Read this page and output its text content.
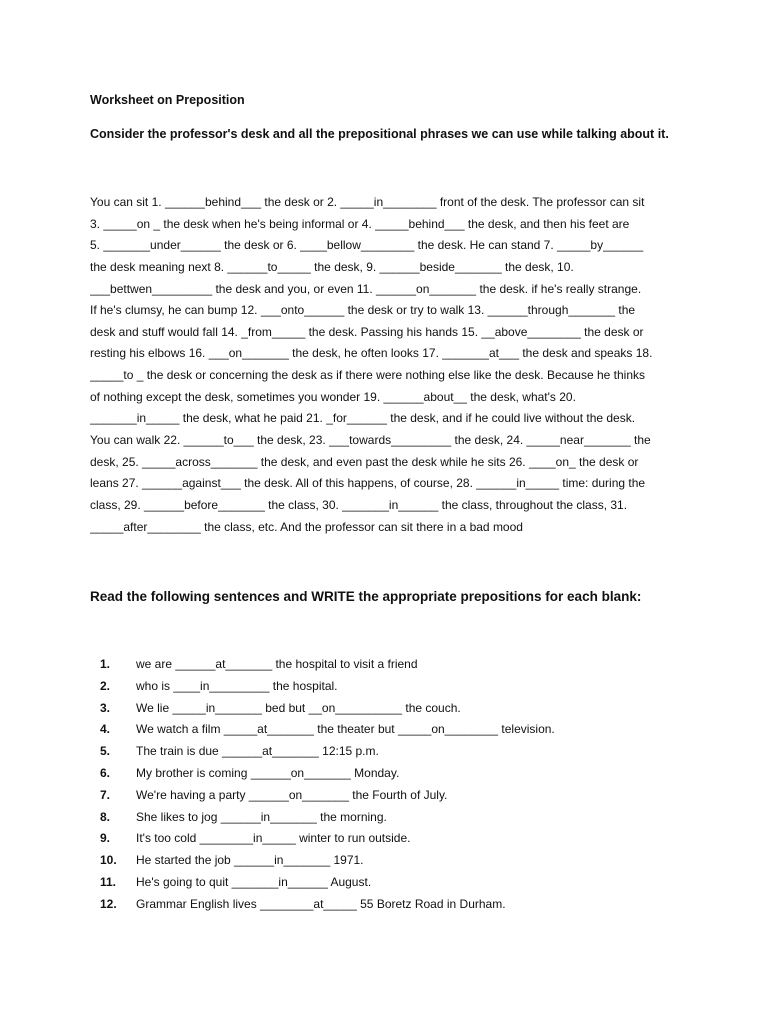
Worksheet on Preposition
Consider the professor's desk and all the prepositional phrases we can use while talking about it.
You can sit 1. ______behind___ the desk or 2. _____in________ front of the desk. The professor can sit
3. _____on _ the desk when he's being informal or 4. _____behind___ the desk, and then his feet are
5. _______under______ the desk or 6. ____bellow________ the desk. He can stand 7. _____by______
the desk meaning next 8. ______to_____ the desk, 9. ______beside_______ the desk, 10.
___bettwen_________ the desk and you, or even 11. ______on_______ the desk. if he's really strange.
If he's clumsy, he can bump 12. ___onto______ the desk or try to walk 13. ______through_______ the
desk and stuff would fall 14. _from_____ the desk. Passing his hands 15. __above________ the desk or
resting his elbows 16. ___on_______ the desk, he often looks 17. _______at___ the desk and speaks 18.
_____to _ the desk or concerning the desk as if there were nothing else like the desk. Because he thinks
of nothing except the desk, sometimes you wonder 19. ______about__ the desk, what's 20.
_______in_____ the desk, what he paid 21. _for______ the desk, and if he could live without the desk.
You can walk 22. ______to___ the desk, 23. ___towards_________ the desk, 24. _____near_______ the
desk, 25. _____across_______ the desk, and even past the desk while he sits 26. ____on_ the desk or
leans 27. ______against___ the desk. All of this happens, of course, 28. ______in_____ time: during the
class, 29. ______before_______ the class, 30. _______in______ the class, throughout the class, 31.
_____after________ the class, etc. And the professor can sit there in a bad mood
Read the following sentences and WRITE the appropriate prepositions for each blank:
1. we are ______at_______ the hospital to visit a friend
2. who is ____in_________ the hospital.
3. We lie _____in_______ bed but __on__________ the couch.
4. We watch a film _____at_______ the theater but _____on________ television.
5. The train is due ______at_______ 12:15 p.m.
6. My brother is coming ______on_______ Monday.
7. We're having a party ______on_______ the Fourth of July.
8. She likes to jog ______in_______ the morning.
9. It's too cold ________in_____ winter to run outside.
10. He started the job ______in_______ 1971.
11. He's going to quit _______in______ August.
12. Grammar English lives ________at_____ 55 Boretz Road in Durham.
